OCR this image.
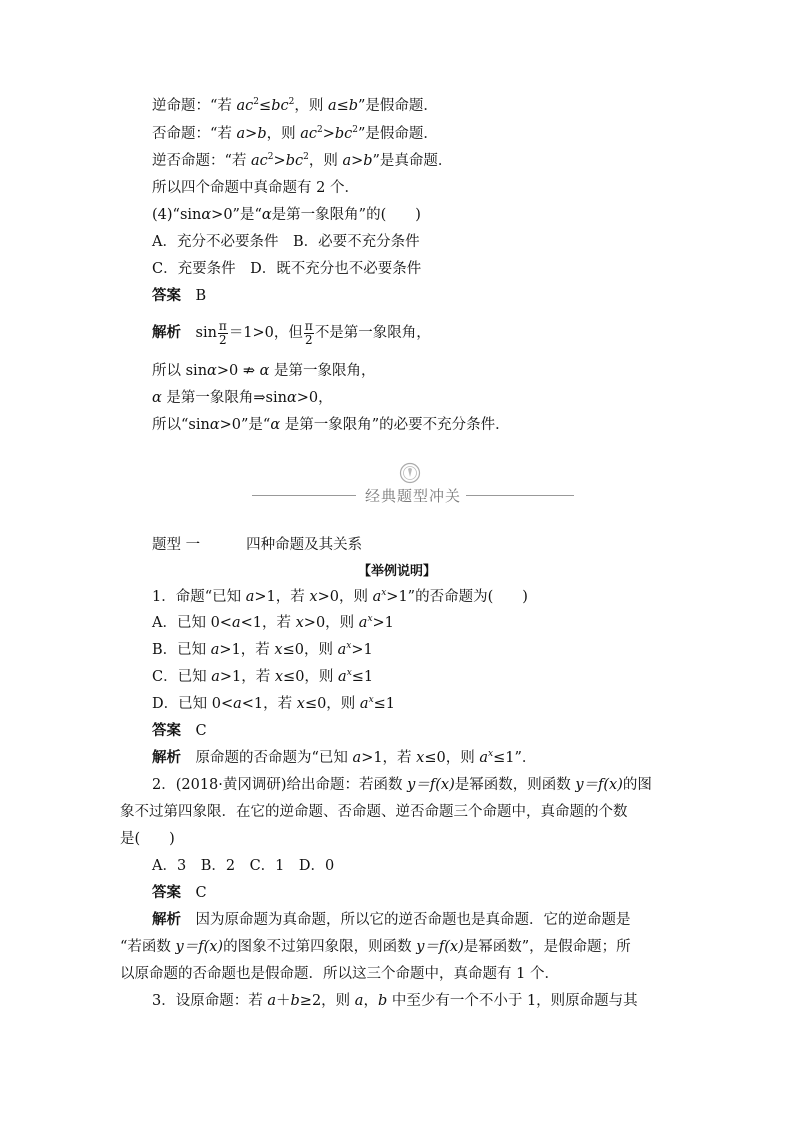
逆命题：“若 $ac^2\le bc^2$，则 a≤b”是假命题．
否命题：“若 a>b，则 $ac^2>bc^2$”是假命题．
逆否命题：“若 $ac^2>bc^2$，则 a>b”是真命题．
所以四个命题中真命题有 2 个．
(4)“sinα>0”是“α是第一象限角”的(　　)
A．充分不必要条件　B．必要不充分条件
C．充要条件　D．既不充分也不必要条件
答案　 B
解析　 $\sin \frac{\pi}{2} =1>0$，但 $\frac{\pi}{2}$ 不是第一象限角，
所以 sinα>0 ⇏ α 是第一象限角，
α 是第一象限角⇒sinα>0，
所以“sinα>0”是“α 是第一象限角”的必要不充分条件．
经典题型冲关
题型 一	四种命题及其关系
【举例说明】
1．命题“已知 a>1，若 x>0，则 $a^x>1$”的否命题为(　　)
A．已知 0<a<1，若 x>0，则 $a^x>1$
B．已知 a>1，若 x≤0，则 $a^x>1$
C．已知 a>1，若 x≤0，则 $a^x\le 1$
D．已知 0<a<1，若 x≤0，则 $a^x\le 1$
答案　 C
解析　 原命题的否命题为“已知 a>1，若 x≤0，则 $a^x\le 1$”．
2．(2018·黄冈调研)给出命题：若函数 y＝f(x)是幂函数，则函数 y＝f(x)的图
象不过第四象限．在它的逆命题、否命题、逆否命题三个命题中，真命题的个数
是(　　)
A．3　B．2　C．1　D．0
答案　 C
解析　 因为原命题为真命题，所以它的逆否命题也是真命题．它的逆命题是
“若函数 y＝f(x)的图象不过第四象限，则函数 y＝f(x)是幂函数”，是假命题；所
以原命题的否命题也是假命题．所以这三个命题中，真命题有 1 个．
3．设原命题：若 a＋b≥2，则 a，b 中至少有一个不小于 1，则原命题与其
